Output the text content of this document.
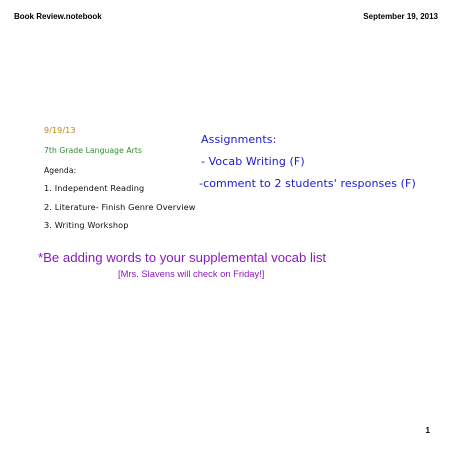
Book Review.notebook	September 19, 2013
9/19/13
7th Grade Language Arts
Agenda:
1. Independent Reading
2. Literature- Finish Genre Overview
3. Writing Workshop
Assignments:
- Vocab Writing (F)
-comment to 2 students' responses (F)
*Be adding words to your supplemental vocab list
[Mrs. Slavens will check on Friday!]
1
